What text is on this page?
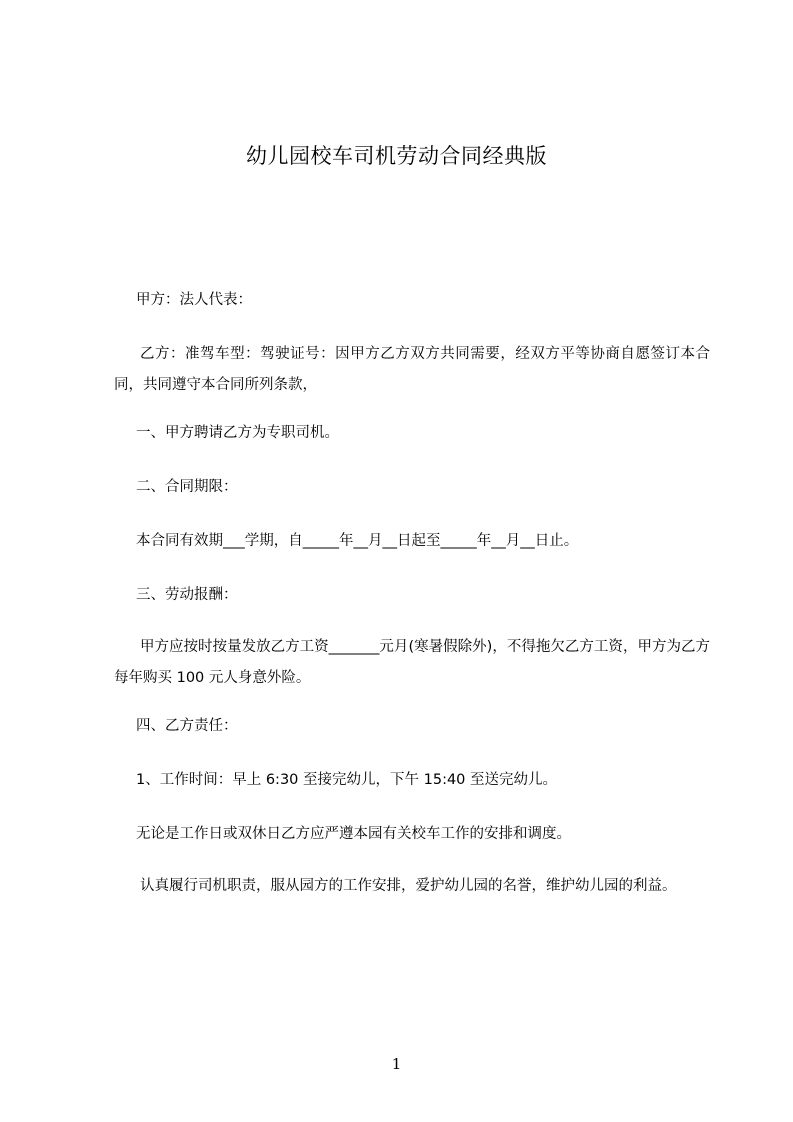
幼儿园校车司机劳动合同经典版
甲方：法人代表：
乙方：准驾车型：驾驶证号：因甲方乙方双方共同需要，经双方平等协商自愿签订本合同，共同遵守本合同所列条款，
一、甲方聘请乙方为专职司机。
二、合同期限：
本合同有效期___学期，自_____年__月__日起至_____年__月__日止。
三、劳动报酬：
甲方应按时按量发放乙方工资_______元月(寒暑假除外)，不得拖欠乙方工资，甲方为乙方每年购买 100 元人身意外险。
四、乙方责任：
1、工作时间：早上 6:30 至接完幼儿，下午 15:40 至送完幼儿。
无论是工作日或双休日乙方应严遵本园有关校车工作的安排和调度。
认真履行司机职责，服从园方的工作安排，爱护幼儿园的名誉，维护幼儿园的利益。
1
